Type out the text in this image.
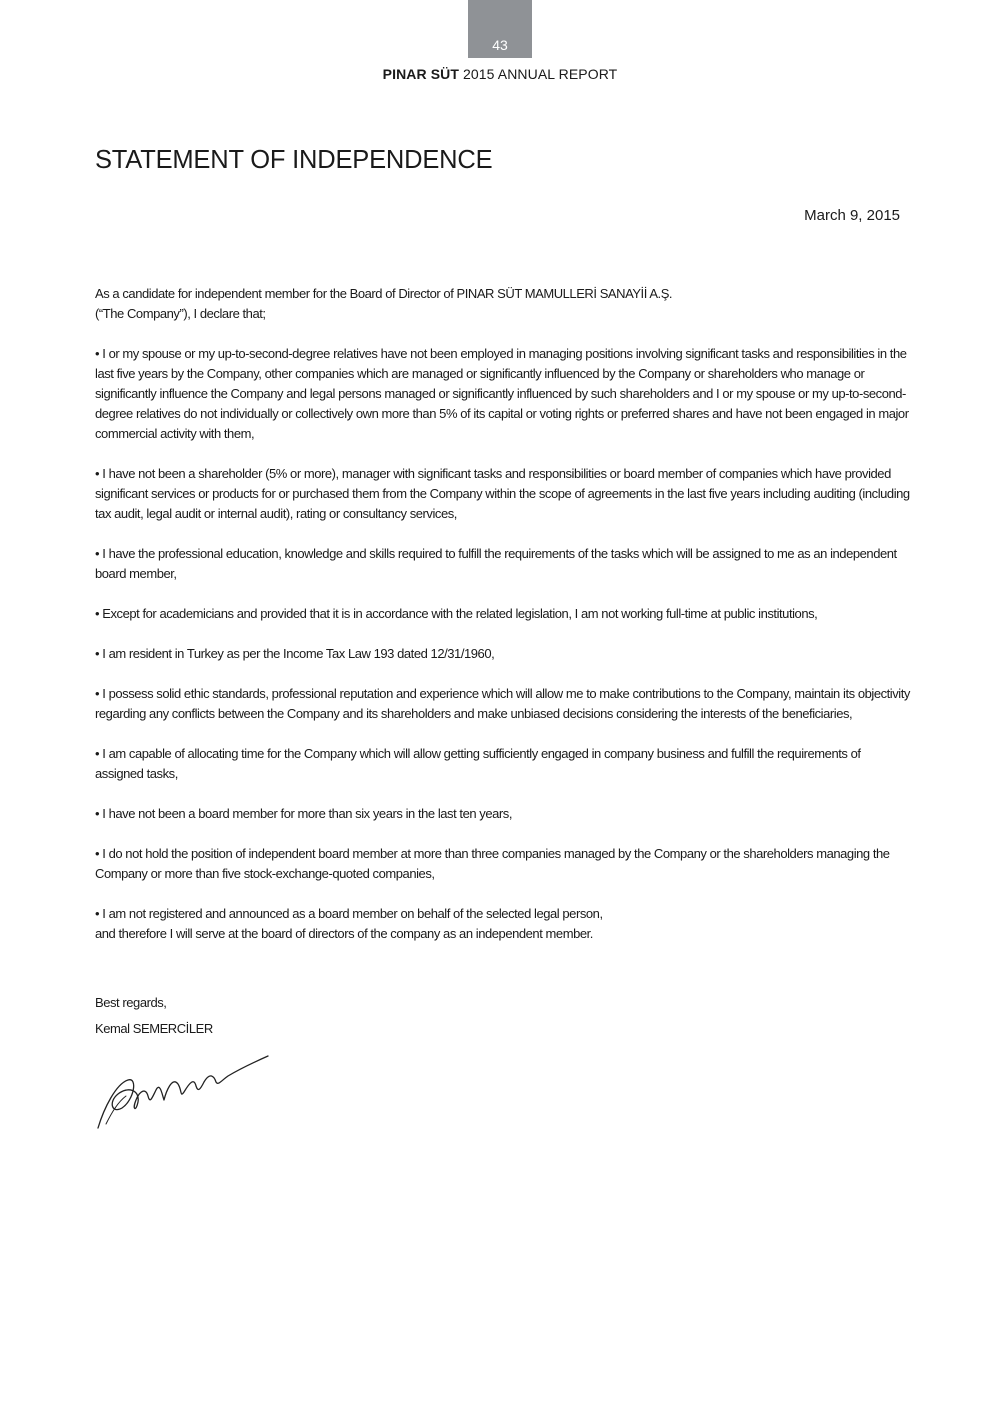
43
PINAR SÜT 2015 ANNUAL REPORT
STATEMENT OF INDEPENDENCE
March 9, 2015

As a candidate for independent member for the Board of Director of PINAR SÜT MAMULLERİ SANAYİİ A.Ş.
(“The Company”), I declare that;

• I or my spouse or my up-to-second-degree relatives have not been employed in managing positions involving significant tasks and responsibilities in the last five years by the Company, other companies which are managed or significantly influenced by the Company or shareholders who manage or significantly influence the Company and legal persons managed or significantly influenced by such shareholders and I or my spouse or my up-to-second-degree relatives do not individually or collectively own more than 5% of its capital or voting rights or preferred shares and have not been engaged in major commercial activity with them,

• I have not been a shareholder (5% or more), manager with significant tasks and responsibilities or board member of companies which have provided significant services or products for or purchased them from the Company within the scope of agreements in the last five years including auditing (including tax audit, legal audit or internal audit), rating or consultancy services,

• I have the professional education, knowledge and skills required to fulfill the requirements of the tasks which will be assigned to me as an independent board member,

• Except for academicians and provided that it is in accordance with the related legislation, I am not working full-time at public institutions,

• I am resident in Turkey as per the Income Tax Law 193 dated 12/31/1960,

• I possess solid ethic standards, professional reputation and experience which will allow me to make contributions to the Company, maintain its objectivity regarding any conflicts between the Company and its shareholders and make unbiased decisions considering the interests of the beneficiaries,

• I am capable of allocating time for the Company which will allow getting sufficiently engaged in company business and fulfill the requirements of assigned tasks,

• I have not been a board member for more than six years in the last ten years,

• I do not hold the position of independent board member at more than three companies managed by the Company or the shareholders managing the Company or more than five stock-exchange-quoted companies,

• I am not registered and announced as a board member on behalf of the selected legal person,
and therefore I will serve at the board of directors of the company as an independent member.

Best regards,
Kemal SEMERCİLER
